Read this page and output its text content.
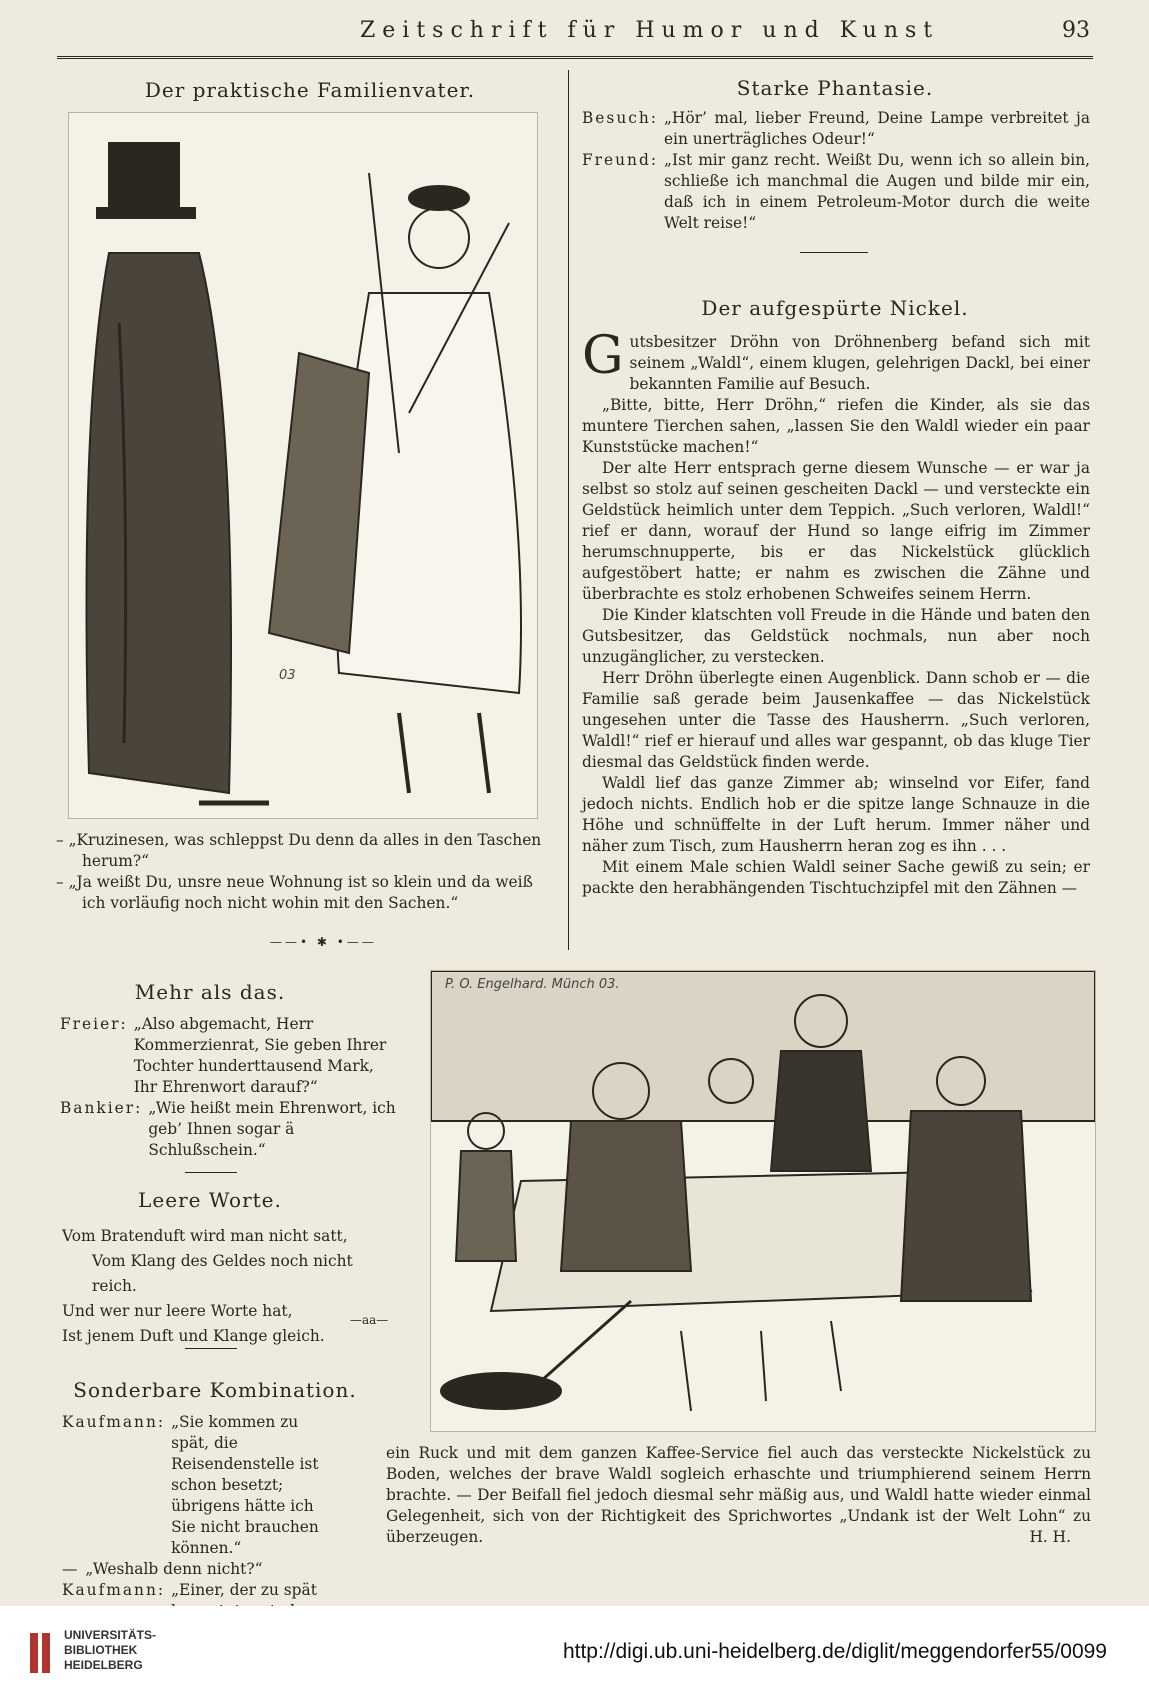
Zeitschrift für Humor und Kunst	93
Der praktische Familienvater.
03
– „Kruzinesen, was schleppst Du denn da alles in den Taschen herum?“
– „Ja weißt Du, unsre neue Wohnung ist so klein und da weiß ich vorläufig noch nicht wohin mit den Sachen.“
——• ✱ •——
Starke Phantasie.
Besuch: „Hör’ mal, lieber Freund, Deine Lampe verbreitet ja ein unerträgliches Odeur!“
Freund: „Ist mir ganz recht. Weißt Du, wenn ich so allein bin, schließe ich manchmal die Augen und bilde mir ein, daß ich in einem Petroleum-Motor durch die weite Welt reise!“
Der aufgespürte Nickel.
G utsbesitzer Dröhn von Dröhnenberg befand sich mit seinem „Waldl“, einem klugen, gelehrigen Dackl, bei einer bekannten Familie auf Besuch.

„Bitte, bitte, Herr Dröhn,“ riefen die Kinder, als sie das muntere Tierchen sahen, „lassen Sie den Waldl wieder ein paar Kunststücke machen!“

Der alte Herr entsprach gerne diesem Wunsche — er war ja selbst so stolz auf seinen gescheiten Dackl — und versteckte ein Geldstück heimlich unter dem Teppich. „Such verloren, Waldl!“ rief er dann, worauf der Hund so lange eifrig im Zimmer herumschnupperte, bis er das Nickelstück glücklich aufgestöbert hatte; er nahm es zwischen die Zähne und überbrachte es stolz erhobenen Schweifes seinem Herrn.

Die Kinder klatschten voll Freude in die Hände und baten den Gutsbesitzer, das Geldstück nochmals, nun aber noch unzugänglicher, zu verstecken.

Herr Dröhn überlegte einen Augenblick. Dann schob er — die Familie saß gerade beim Jausenkaffee — das Nickelstück ungesehen unter die Tasse des Hausherrn. „Such verloren, Waldl!“ rief er hierauf und alles war gespannt, ob das kluge Tier diesmal das Geldstück finden werde.

Waldl lief das ganze Zimmer ab; winselnd vor Eifer, fand jedoch nichts. Endlich hob er die spitze lange Schnauze in die Höhe und schnüffelte in der Luft herum. Immer näher und näher zum Tisch, zum Hausherrn heran zog es ihn . . .

Mit einem Male schien Waldl seiner Sache gewiß zu sein; er packte den herabhängenden Tischtuchzipfel mit den Zähnen —

P. O. Engelhard. Münch 03.
ein Ruck und mit dem ganzen Kaffee-Service fiel auch das versteckte Nickelstück zu Boden, welches der brave Waldl sogleich erhaschte und triumphierend seinem Herrn brachte. — Der Beifall fiel jedoch diesmal sehr mäßig aus, und Waldl hatte wieder einmal Gelegenheit, sich von der Richtigkeit des Sprichwortes „Undank ist der Welt Lohn“ zu überzeugen.	H. H.
Mehr als das.
Freier: „Also abgemacht, Herr Kommerzienrat, Sie geben Ihrer Tochter hunderttausend Mark, Ihr Ehrenwort darauf?“
Bankier: „Wie heißt mein Ehrenwort, ich geb’ Ihnen sogar ä Schlußschein.“
Leere Worte.
Vom Bratenduft wird man nicht satt,
Vom Klang des Geldes noch nicht reich.
Und wer nur leere Worte hat,
Ist jenem Duft und Klange gleich.
—aa—
Sonderbare Kombination.
Kaufmann: „Sie kommen zu spät, die Reisendenstelle ist schon besetzt; übrigens hätte ich Sie nicht brauchen können.“
— „Weshalb denn nicht?“
Kaufmann: „Einer, der zu spät
UNIVERSITÄTS-
BIBLIOTHEK
HEIDELBERG
http://digi.ub.uni-heidelberg.de/diglit/meggendorfer55/0099
